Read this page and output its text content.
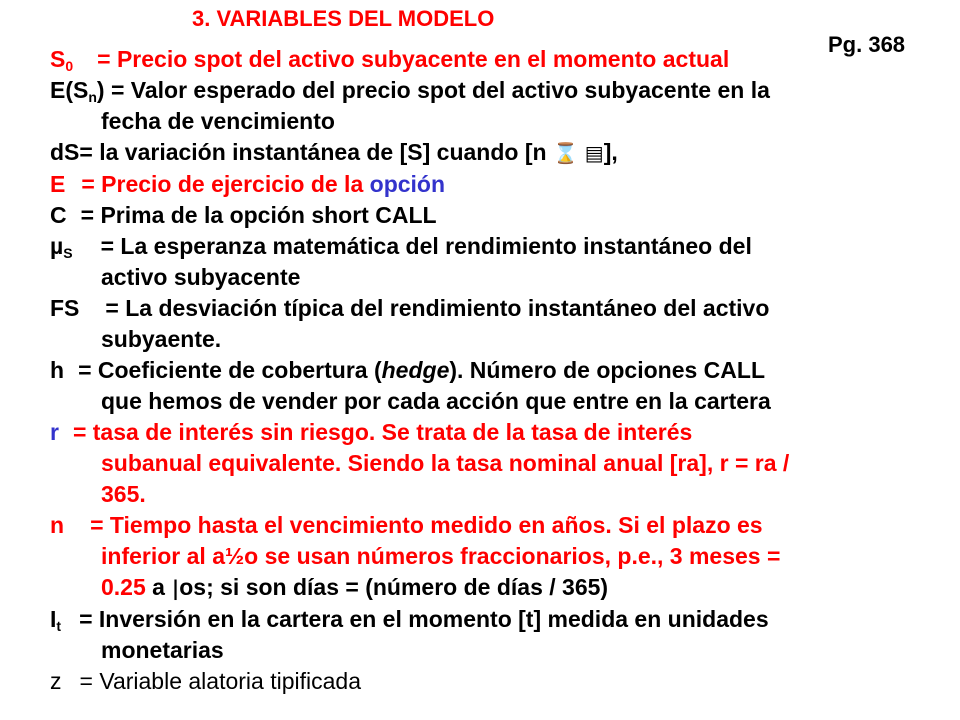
3. VARIABLES DEL MODELO
Pg. 368

$S_0$ = Precio spot del activo subyacente en el momento actual

$E(S_n)$ = Valor esperado del precio spot del activo subyacente en la

fecha de vencimiento

dS= la variación instantánea de [S] cuando [n ⌛ ▤],

E = Precio de ejercicio de la opción

C = Prima de la opción short CALL

µ$_S$ = La esperanza matemática del rendimiento instantáneo del

activo subyacente

FS = La desviación típica del rendimiento instantáneo del activo

subyaente.

h = Coeficiente de cobertura (hedge). Número de opciones CALL

que hemos de vender por cada acción que entre en la cartera

r = tasa de interés sin riesgo. Se trata de la tasa de interés

subanual equivalente. Siendo la tasa nominal anual [ra], r = ra /

365.

n = Tiempo hasta el vencimiento medido en años. Si el plazo es

inferior al a½o se usan números fraccionarios, p.e., 3 meses =

0.25 a |os; si son días = (número de días / 365)

$I_t$ = Inversión en la cartera en el momento [t] medida en unidades

monetarias

z = Variable alatoria tipificada
